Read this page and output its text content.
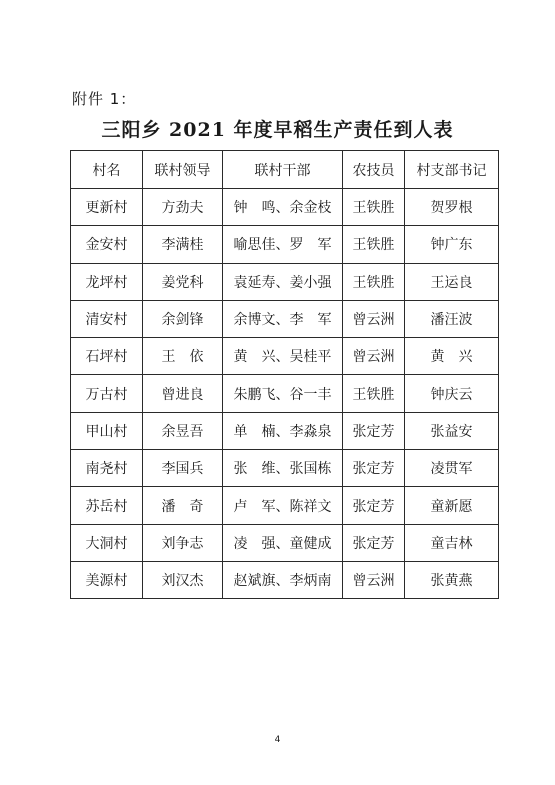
附件 1：
三阳乡 2021 年度早稻生产责任到人表
村名	联村领导	联村干部	农技员	村支部书记
更新村	方劲夫	钟　鸣、余金枝	王铁胜	贺罗根
金安村	李满桂	喻思佳、罗　军	王铁胜	钟广东
龙坪村	姜党科	袁延寿、姜小强	王铁胜	王运良
清安村	余剑锋	余博文、李　军	曾云洲	潘汪波
石坪村	王　依	黄　兴、吴桂平	曾云洲	黄　兴
万古村	曾进良	朱鹏飞、谷一丰	王铁胜	钟庆云
甲山村	余昱吾	单　楠、李淼泉	张定芳	张益安
南尧村	李国兵	张　维、张国栋	张定芳	凌贯军
苏岳村	潘　奇	卢　军、陈祥文	张定芳	童新愿
大洞村	刘争志	凌　强、童健成	张定芳	童吉林
美源村	刘汉杰	赵斌旗、李炳南	曾云洲	张黄燕
4
